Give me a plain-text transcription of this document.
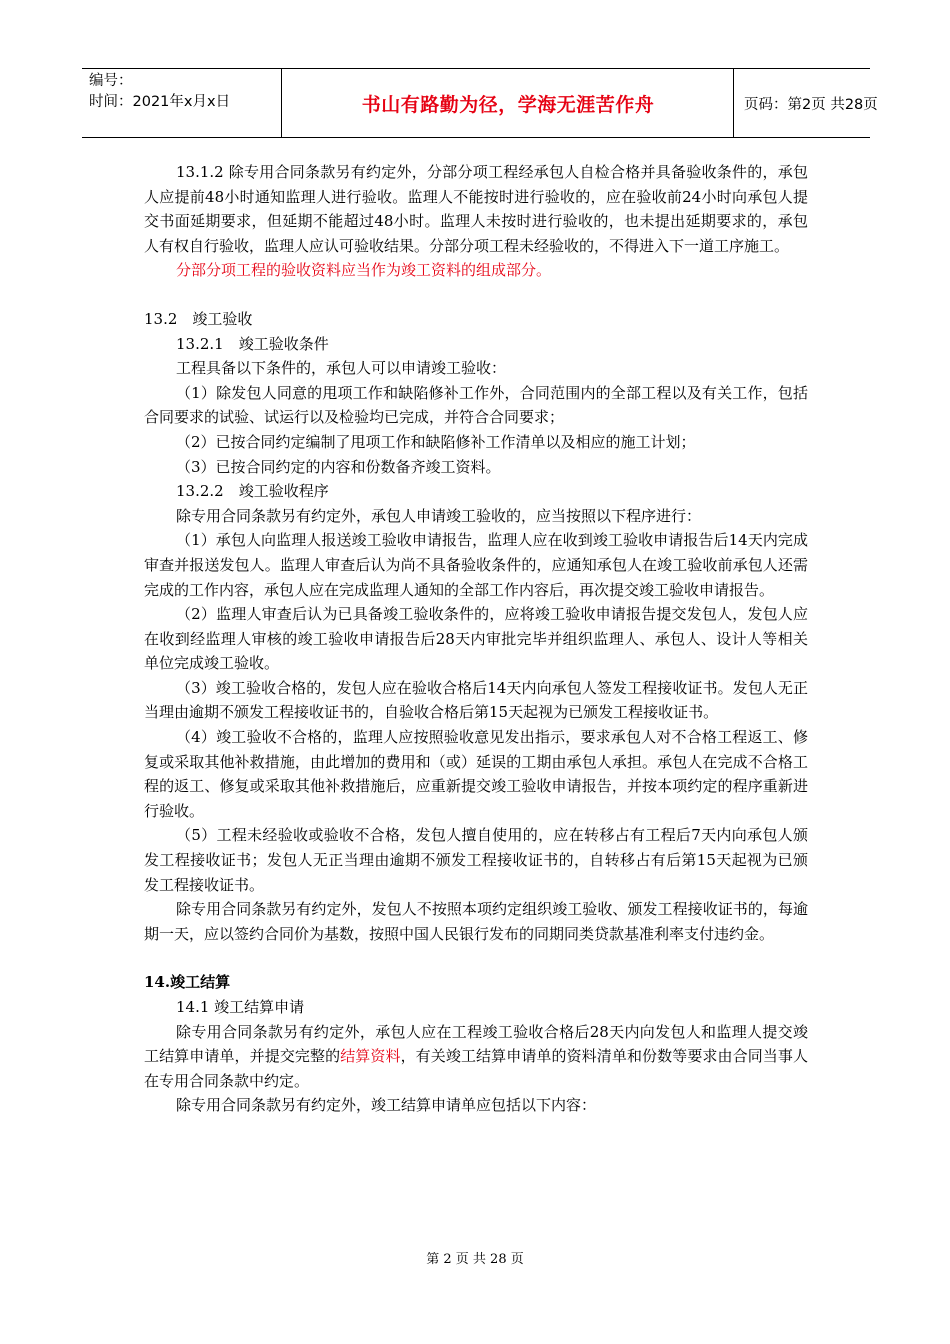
编号：
时间：2021年x月x日	书山有路勤为径，学海无涯苦作舟	页码：第2页 共28页

13.1.2 除专用合同条款另有约定外，分部分项工程经承包人自检合格并具备验收条件的，承包人应提前48小时通知监理人进行验收。监理人不能按时进行验收的，应在验收前24小时向承包人提交书面延期要求，但延期不能超过48小时。监理人未按时进行验收的，也未提出延期要求的，承包人有权自行验收，监理人应认可验收结果。分部分项工程未经验收的，不得进入下一道工序施工。

分部分项工程的验收资料应当作为竣工资料的组成部分。

13.2　竣工验收

13.2.1　竣工验收条件

工程具备以下条件的，承包人可以申请竣工验收：

（1）除发包人同意的甩项工作和缺陷修补工作外，合同范围内的全部工程以及有关工作，包括合同要求的试验、试运行以及检验均已完成，并符合合同要求；

（2）已按合同约定编制了甩项工作和缺陷修补工作清单以及相应的施工计划；

（3）已按合同约定的内容和份数备齐竣工资料。

13.2.2　竣工验收程序

除专用合同条款另有约定外，承包人申请竣工验收的，应当按照以下程序进行：

（1）承包人向监理人报送竣工验收申请报告，监理人应在收到竣工验收申请报告后14天内完成审查并报送发包人。监理人审查后认为尚不具备验收条件的，应通知承包人在竣工验收前承包人还需完成的工作内容，承包人应在完成监理人通知的全部工作内容后，再次提交竣工验收申请报告。

（2）监理人审查后认为已具备竣工验收条件的，应将竣工验收申请报告提交发包人，发包人应在收到经监理人审核的竣工验收申请报告后28天内审批完毕并组织监理人、承包人、设计人等相关单位完成竣工验收。

（3）竣工验收合格的，发包人应在验收合格后14天内向承包人签发工程接收证书。发包人无正当理由逾期不颁发工程接收证书的，自验收合格后第15天起视为已颁发工程接收证书。

（4）竣工验收不合格的，监理人应按照验收意见发出指示，要求承包人对不合格工程返工、修复或采取其他补救措施，由此增加的费用和（或）延误的工期由承包人承担。承包人在完成不合格工程的返工、修复或采取其他补救措施后，应重新提交竣工验收申请报告，并按本项约定的程序重新进行验收。

（5）工程未经验收或验收不合格，发包人擅自使用的，应在转移占有工程后7天内向承包人颁发工程接收证书；发包人无正当理由逾期不颁发工程接收证书的，自转移占有后第15天起视为已颁发工程接收证书。

除专用合同条款另有约定外，发包人不按照本项约定组织竣工验收、颁发工程接收证书的，每逾期一天，应以签约合同价为基数，按照中国人民银行发布的同期同类贷款基准利率支付违约金。

14.竣工结算

14.1 竣工结算申请

除专用合同条款另有约定外，承包人应在工程竣工验收合格后28天内向发包人和监理人提交竣工结算申请单，并提交完整的结算资料，有关竣工结算申请单的资料清单和份数等要求由合同当事人在专用合同条款中约定。

除专用合同条款另有约定外，竣工结算申请单应包括以下内容：

第 2 页 共 28 页
